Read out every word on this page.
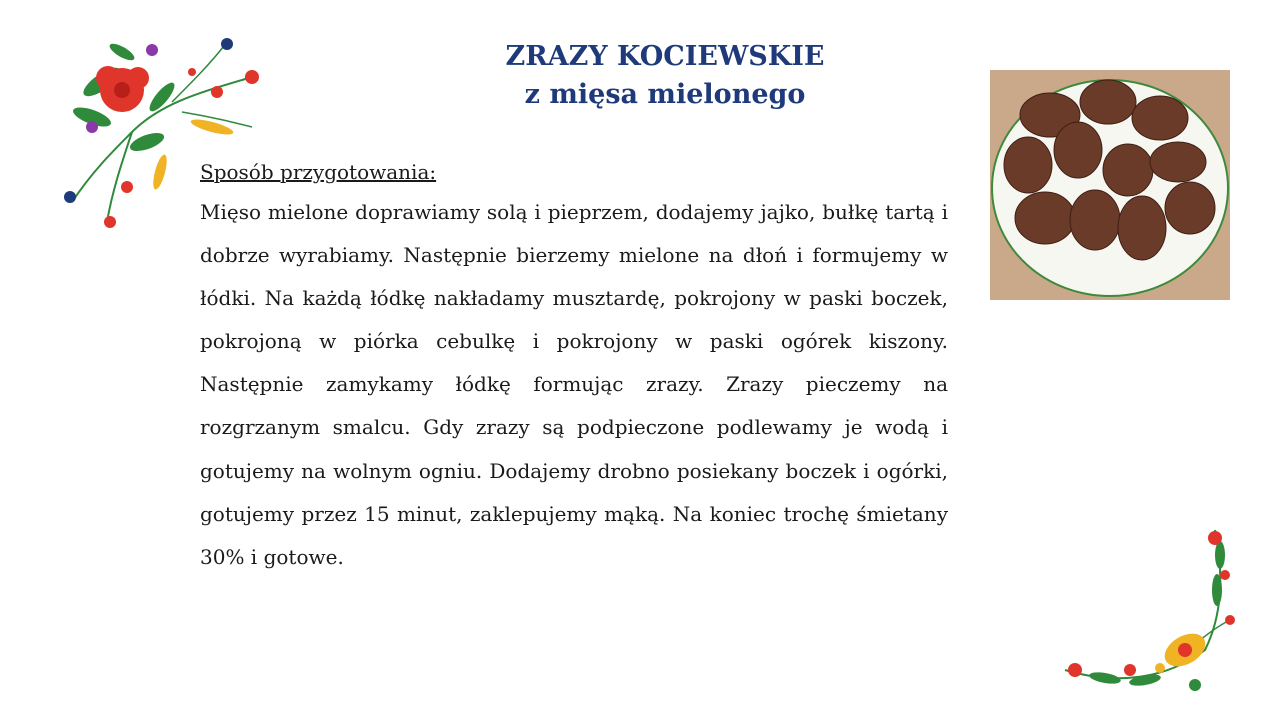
ZRAZY KOCIEWSKIE
z mięsa mielonego

Sposób przygotowania:

Mięso mielone doprawiamy solą i pieprzem, dodajemy jajko, bułkę tartą i dobrze wyrabiamy. Następnie bierzemy mielone na dłoń i formujemy w łódki. Na każdą łódkę nakładamy musztardę, pokrojony w paski boczek, pokrojoną w piórka cebulkę i pokrojony w paski ogórek kiszony. Następnie zamykamy łódkę formując zrazy. Zrazy pieczemy na rozgrzanym smalcu. Gdy zrazy są podpieczone podlewamy je wodą i gotujemy na wolnym ogniu. Dodajemy drobno posiekany boczek i ogórki, gotujemy przez 15 minut, zaklepujemy mąką. Na koniec trochę śmietany 30% i gotowe.
